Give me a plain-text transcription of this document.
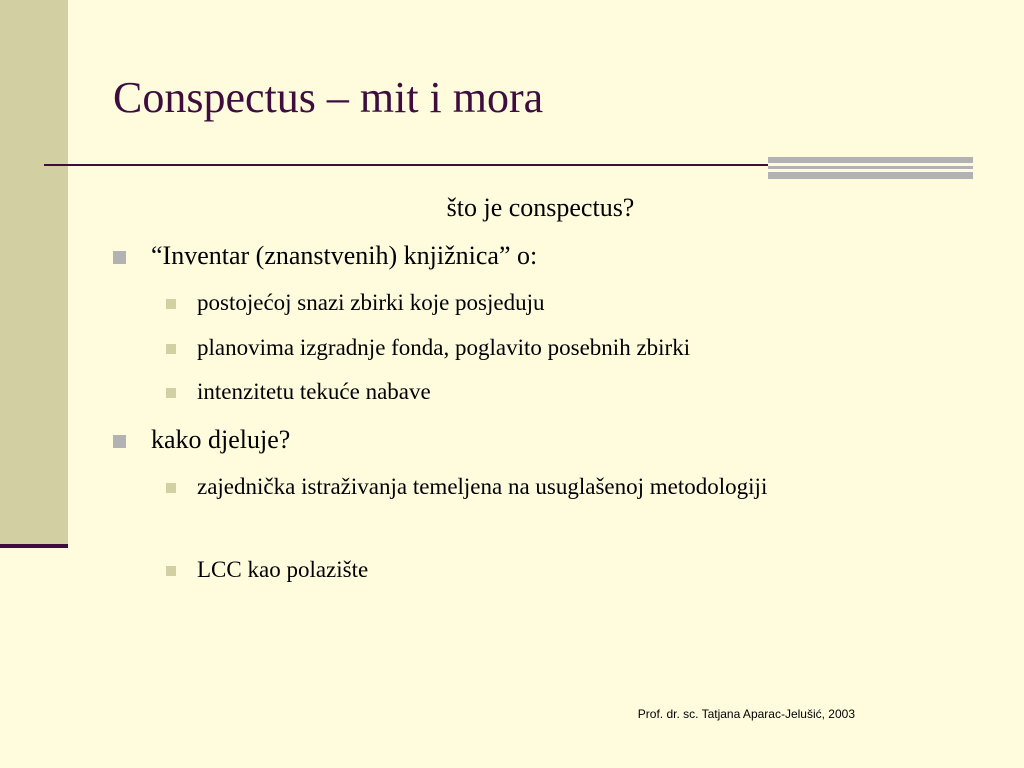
Conspectus – mit i mora

što je conspectus?

“Inventar (znanstvenih) knjižnica” o:
postojećoj snazi zbirki koje posjeduju
planovima izgradnje fonda, poglavito posebnih zbirki
intenzitetu tekuće nabave
kako djeluje?
zajednička istraživanja temeljena na usuglašenoj metodologiji
LCC kao polazište
Prof. dr. sc. Tatjana Aparac-Jelušić, 2003
